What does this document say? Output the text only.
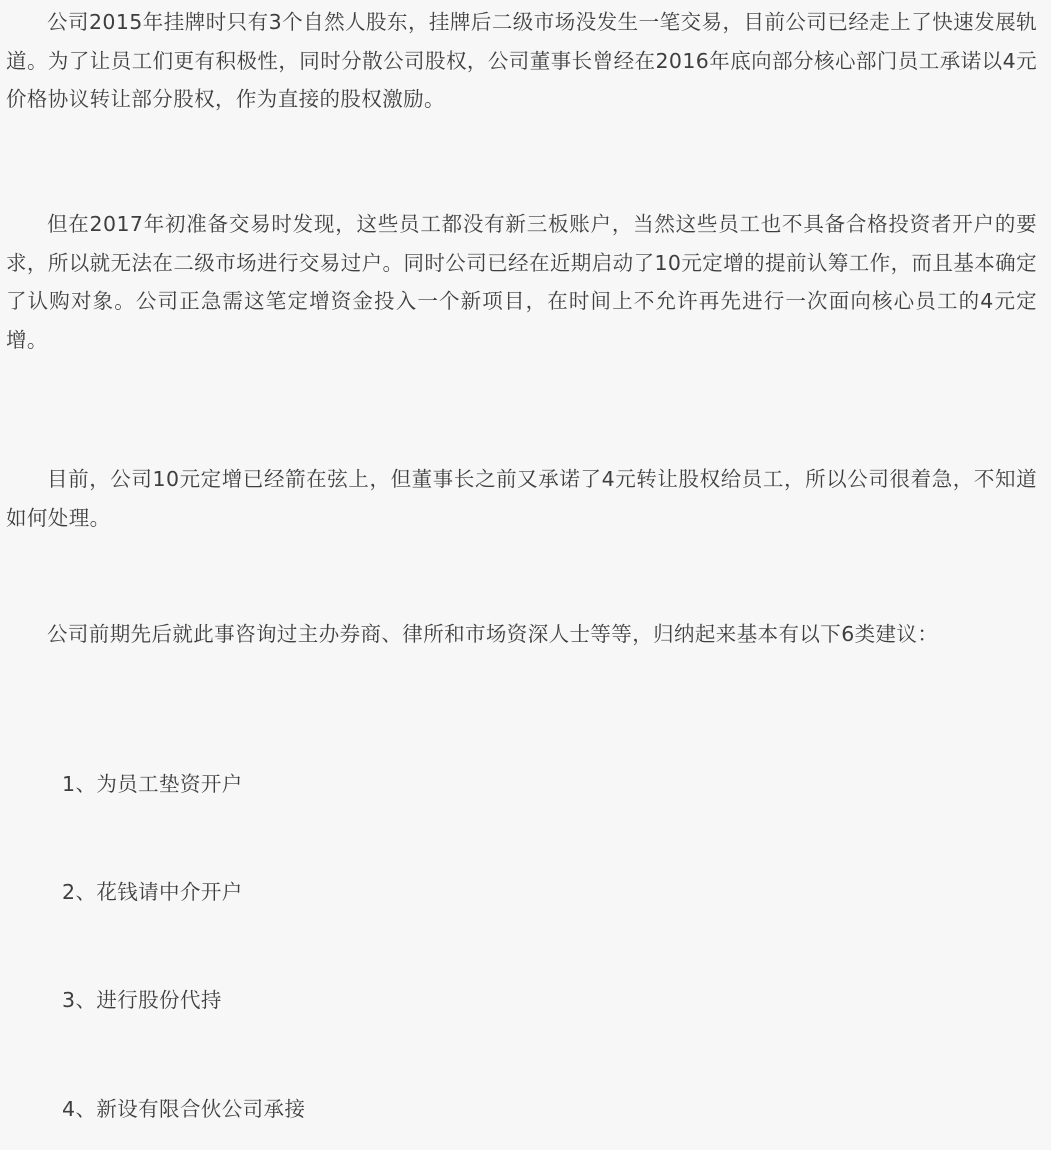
公司2015年挂牌时只有3个自然人股东，挂牌后二级市场没发生一笔交易，目前公司已经走上了快速发展轨道。为了让员工们更有积极性，同时分散公司股权，公司董事长曾经在2016年底向部分核心部门员工承诺以4元价格协议转让部分股权，作为直接的股权激励。

但在2017年初准备交易时发现，这些员工都没有新三板账户，当然这些员工也不具备合格投资者开户的要求，所以就无法在二级市场进行交易过户。同时公司已经在近期启动了10元定增的提前认筹工作，而且基本确定了认购对象。公司正急需这笔定增资金投入一个新项目，在时间上不允许再先进行一次面向核心员工的4元定增。

目前，公司10元定增已经箭在弦上，但董事长之前又承诺了4元转让股权给员工，所以公司很着急，不知道如何处理。

公司前期先后就此事咨询过主办券商、律所和市场资深人士等等，归纳起来基本有以下6类建议：

1、为员工垫资开户

2、花钱请中介开户

3、进行股份代持

4、新设有限合伙公司承接
